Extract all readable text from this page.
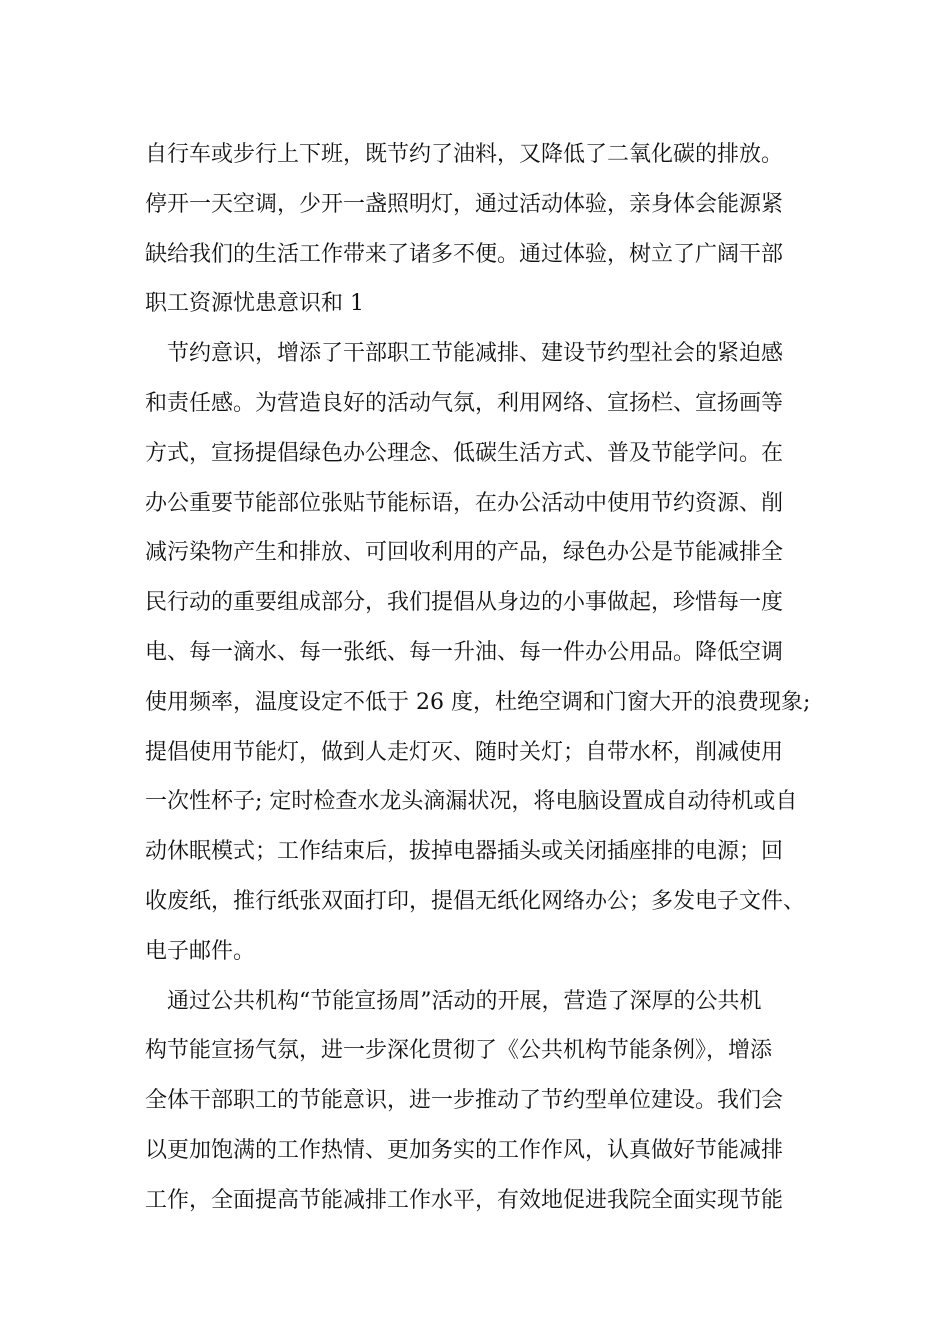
自行车或步行上下班，既节约了油料，又降低了二氧化碳的排放。

停开一天空调，少开一盏照明灯，通过活动体验，亲身体会能源紧

缺给我们的生活工作带来了诸多不便。通过体验，树立了广阔干部

职工资源忧患意识和 1

节约意识，增添了干部职工节能减排、建设节约型社会的紧迫感

和责任感。为营造良好的活动气氛，利用网络、宣扬栏、宣扬画等

方式，宣扬提倡绿色办公理念、低碳生活方式、普及节能学问。在

办公重要节能部位张贴节能标语，在办公活动中使用节约资源、削

减污染物产生和排放、可回收利用的产品，绿色办公是节能减排全

民行动的重要组成部分，我们提倡从身边的小事做起，珍惜每一度

电、每一滴水、每一张纸、每一升油、每一件办公用品。降低空调

使用频率，温度设定不低于 26 度，杜绝空调和门窗大开的浪费现象;

提倡使用节能灯，做到人走灯灭、随时关灯；自带水杯，削减使用

一次性杯子; 定时检查水龙头滴漏状况，将电脑设置成自动待机或自

动休眠模式；工作结束后，拔掉电器插头或关闭插座排的电源；回

收废纸，推行纸张双面打印，提倡无纸化网络办公；多发电子文件、

电子邮件。

通过公共机构“节能宣扬周”活动的开展，营造了深厚的公共机

构节能宣扬气氛，进一步深化贯彻了《公共机构节能条例》，增添

全体干部职工的节能意识，进一步推动了节约型单位建设。我们会

以更加饱满的工作热情、更加务实的工作作风，认真做好节能减排

工作，全面提高节能减排工作水平，有效地促进我院全面实现节能
